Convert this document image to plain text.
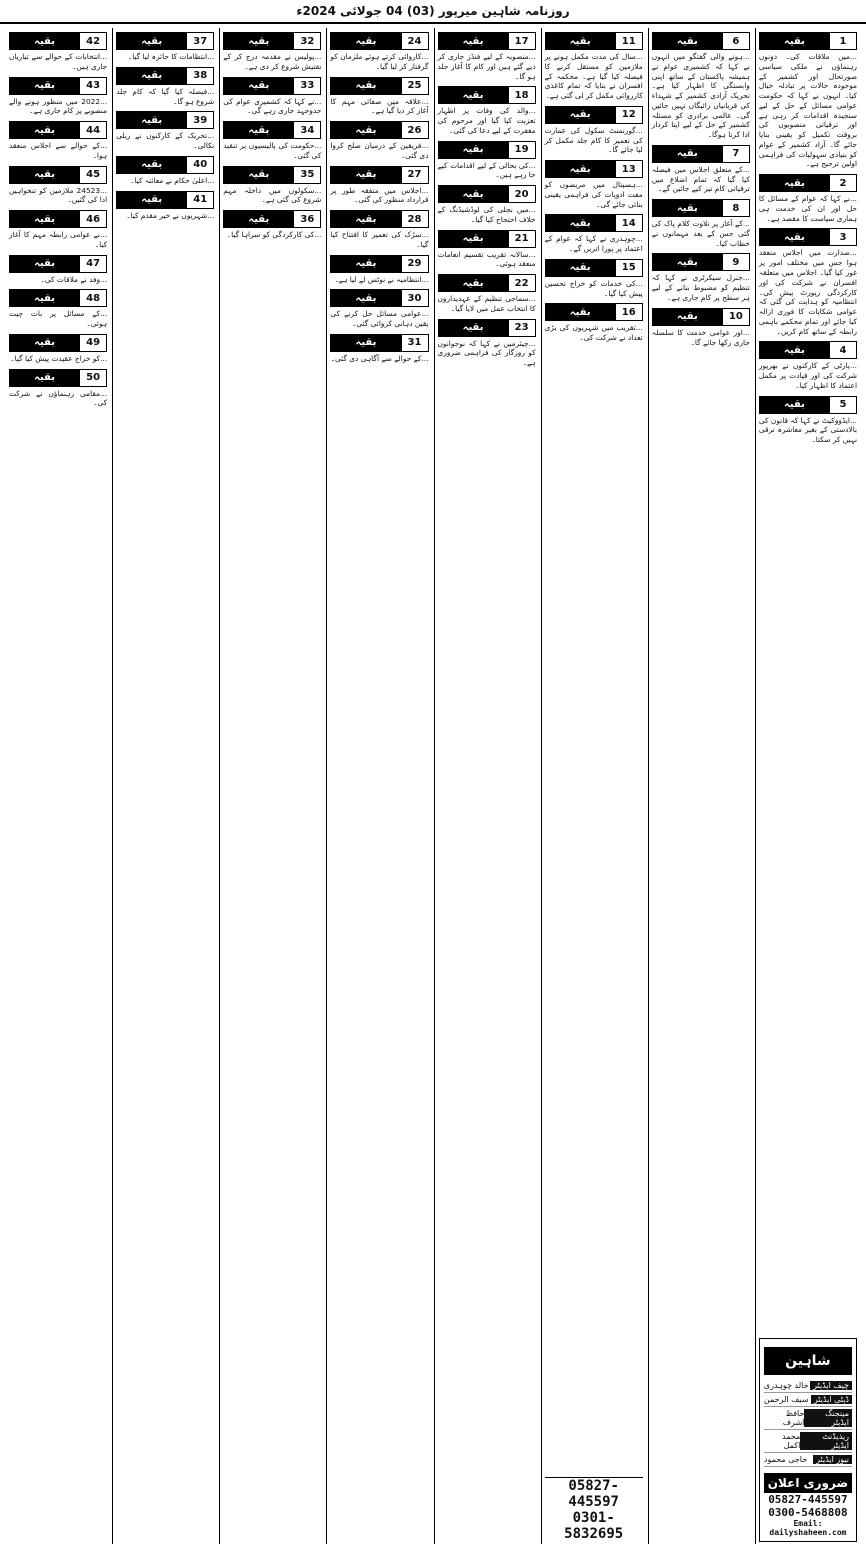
روزنامہ شاہین میرپور (03) 04 جولائی 2024ء
1
بقیہ
...میں ملاقات کی۔ دونوں رہنماؤں نے ملکی سیاسی صورتحال اور کشمیر کے موجودہ حالات پر تبادلہ خیال کیا۔ انہوں نے کہا کہ حکومت عوامی مسائل کے حل کے لیے سنجیدہ اقدامات کر رہی ہے اور ترقیاتی منصوبوں کی بروقت تکمیل کو یقینی بنایا جائے گا۔ آزاد کشمیر کے عوام کو بنیادی سہولیات کی فراہمی اولین ترجیح ہے۔
2
بقیہ
...نے کہا کہ عوام کے مسائل کا حل اور ان کی خدمت ہی ہماری سیاست کا مقصد ہے۔
3
بقیہ
...صدارت میں اجلاس منعقد ہوا جس میں مختلف امور پر غور کیا گیا۔ اجلاس میں متعلقہ افسران نے شرکت کی اور کارکردگی رپورٹ پیش کی۔ انتظامیہ کو ہدایت کی گئی کہ عوامی شکایات کا فوری ازالہ کیا جائے اور تمام محکمے باہمی رابطہ کے ساتھ کام کریں۔
4
بقیہ
...پارٹی کے کارکنوں نے بھرپور شرکت کی اور قیادت پر مکمل اعتماد کا اظہار کیا۔
5
بقیہ
...ایڈووکیٹ نے کہا کہ قانون کی بالادستی کے بغیر معاشرہ ترقی نہیں کر سکتا۔
شاہین
چیف ایڈیٹر
خالد چوہدری
ڈپٹی ایڈیٹر
سیف الرحمن
مینجنگ ایڈیٹر
حافظ اشرف
ریذیڈنٹ ایڈیٹر
محمد اکمل
نیوز ایڈیٹر
حاجی محمود
ضروری اعلان
05827-445597
0300-5468808
Email: dailyshaheen.com
6
بقیہ
...ہونے والی گفتگو میں انہوں نے کہا کہ کشمیری عوام نے ہمیشہ پاکستان کے ساتھ اپنی وابستگی کا اظہار کیا ہے۔ تحریک آزادی کشمیر کے شہداء کی قربانیاں رائیگاں نہیں جائیں گی۔ عالمی برادری کو مسئلہ کشمیر کے حل کے لیے اپنا کردار ادا کرنا ہوگا۔
7
بقیہ
...کے متعلق اجلاس میں فیصلہ کیا گیا کہ تمام اضلاع میں ترقیاتی کام تیز کیے جائیں گے۔
8
بقیہ
...کے آغاز پر تلاوت کلام پاک کی گئی جس کے بعد مہمانوں نے خطاب کیا۔
9
بقیہ
...جنرل سیکرٹری نے کہا کہ تنظیم کو مضبوط بنانے کے لیے ہر سطح پر کام جاری ہے۔
10
بقیہ
...اور عوامی خدمت کا سلسلہ جاری رکھا جائے گا۔
11
بقیہ
...سال کی مدت مکمل ہونے پر ملازمین کو مستقل کرنے کا فیصلہ کیا گیا ہے۔ محکمہ کے افسران نے بتایا کہ تمام کاغذی کارروائی مکمل کر لی گئی ہے۔
12
بقیہ
...گورنمنٹ سکول کی عمارت کی تعمیر کا کام جلد مکمل کر لیا جائے گا۔
13
بقیہ
...ہسپتال میں مریضوں کو مفت ادویات کی فراہمی یقینی بنائی جائے گی۔
14
بقیہ
...چوہدری نے کہا کہ عوام کے اعتماد پر پورا اتریں گے۔
15
بقیہ
...کی خدمات کو خراج تحسین پیش کیا گیا۔
16
بقیہ
...تقریب میں شہریوں کی بڑی تعداد نے شرکت کی۔
05827-445597
0301-5832695
17
بقیہ
...منصوبہ کے لیے فنڈز جاری کر دیے گئے ہیں اور کام کا آغاز جلد ہو گا۔
18
بقیہ
...والد کی وفات پر اظہار تعزیت کیا گیا اور مرحوم کی مغفرت کے لیے دعا کی گئی۔
19
بقیہ
...کی بحالی کے لیے اقدامات کیے جا رہے ہیں۔
20
بقیہ
...میں بجلی کی لوڈشیڈنگ کے خلاف احتجاج کیا گیا۔
21
بقیہ
...سالانہ تقریب تقسیم انعامات منعقد ہوئی۔
22
بقیہ
...سماجی تنظیم کے عہدیداروں کا انتخاب عمل میں لایا گیا۔
23
بقیہ
...چیئرمین نے کہا کہ نوجوانوں کو روزگار کی فراہمی ضروری ہے۔
24
بقیہ
...کاروائی کرتے ہوئے ملزمان کو گرفتار کر لیا گیا۔
25
بقیہ
...علاقہ میں صفائی مہم کا آغاز کر دیا گیا ہے۔
26
بقیہ
...فریقین کے درمیان صلح کروا دی گئی۔
27
بقیہ
...اجلاس میں متفقہ طور پر قرارداد منظور کی گئی۔
28
بقیہ
...سڑک کی تعمیر کا افتتاح کیا گیا۔
29
بقیہ
...انتظامیہ نے نوٹس لے لیا ہے۔
30
بقیہ
...عوامی مسائل حل کرنے کی یقین دہانی کروائی گئی۔
31
بقیہ
...کے حوالے سے آگاہی دی گئی۔
32
بقیہ
...پولیس نے مقدمہ درج کر کے تفتیش شروع کر دی ہے۔
33
بقیہ
...نے کہا کہ کشمیری عوام کی جدوجہد جاری رہے گی۔
34
بقیہ
...حکومت کی پالیسیوں پر تنقید کی گئی۔
35
بقیہ
...سکولوں میں داخلہ مہم شروع کی گئی ہے۔
36
بقیہ
...کی کارکردگی کو سراہا گیا۔
37
بقیہ
...انتظامات کا جائزہ لیا گیا۔
38
بقیہ
...فیصلہ کیا گیا کہ کام جلد شروع ہو گا۔
39
بقیہ
...تحریک کے کارکنوں نے ریلی نکالی۔
40
بقیہ
...اعلیٰ حکام نے معائنہ کیا۔
41
بقیہ
...شہریوں نے خیر مقدم کیا۔
42
بقیہ
...انتخابات کے حوالے سے تیاریاں جاری ہیں۔
43
بقیہ
...2022 میں منظور ہونے والے منصوبے پر کام جاری ہے۔
44
بقیہ
...کے حوالے سے اجلاس منعقد ہوا۔
45
بقیہ
...24523 ملازمین کو تنخواہیں ادا کی گئیں۔
46
بقیہ
...نے عوامی رابطہ مہم کا آغاز کیا۔
47
بقیہ
...وفد نے ملاقات کی۔
48
بقیہ
...کے مسائل پر بات چیت ہوئی۔
49
بقیہ
...کو خراج عقیدت پیش کیا گیا۔
50
بقیہ
...مقامی رہنماؤں نے شرکت کی۔
